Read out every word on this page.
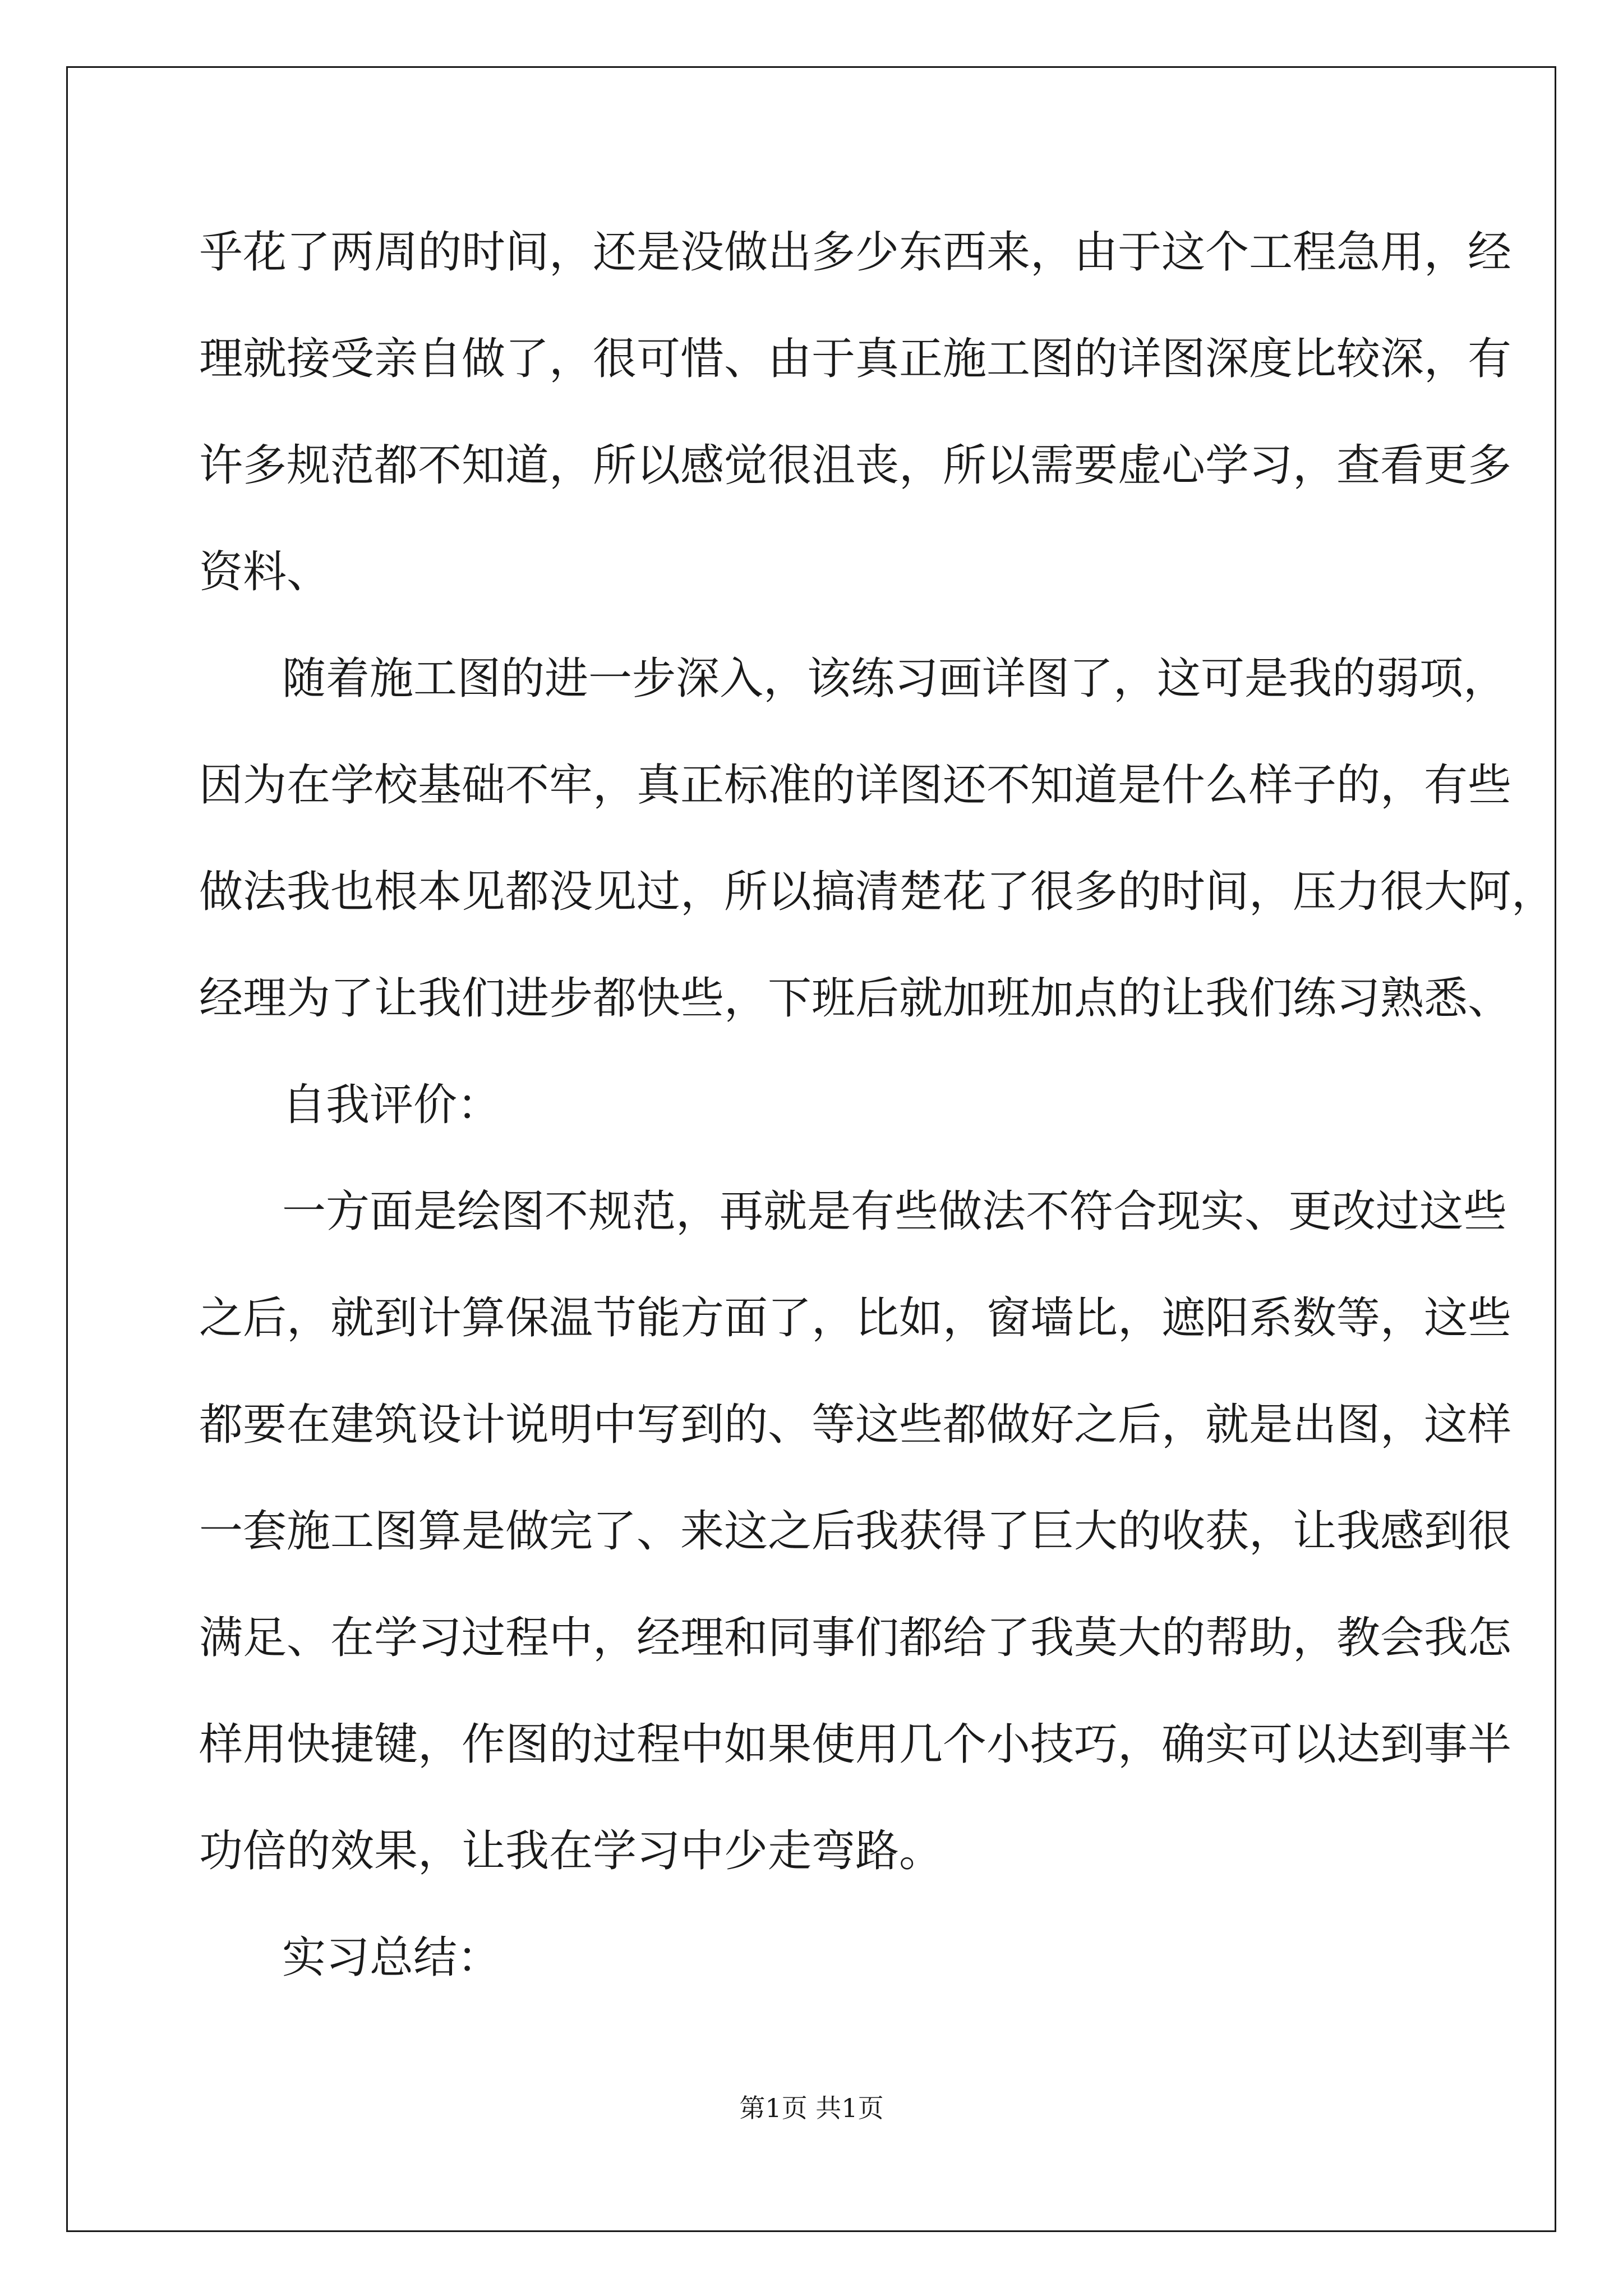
乎花了两周的时间，还是没做出多少东西来，由于这个工程急用，经
理就接受亲自做了，很可惜、由于真正施工图的详图深度比较深，有
许多规范都不知道，所以感觉很沮丧，所以需要虚心学习，查看更多
资料、
随着施工图的进一步深入，该练习画详图了，这可是我的弱项，
因为在学校基础不牢，真正标准的详图还不知道是什么样子的，有些
做法我也根本见都没见过，所以搞清楚花了很多的时间，压力很大阿，
经理为了让我们进步都快些，下班后就加班加点的让我们练习熟悉、
自我评价：
一方面是绘图不规范，再就是有些做法不符合现实、更改过这些
之后，就到计算保温节能方面了，比如，窗墙比，遮阳系数等，这些
都要在建筑设计说明中写到的、等这些都做好之后，就是出图，这样
一套施工图算是做完了、来这之后我获得了巨大的收获，让我感到很
满足、在学习过程中，经理和同事们都给了我莫大的帮助，教会我怎
样用快捷键，作图的过程中如果使用几个小技巧，确实可以达到事半
功倍的效果，让我在学习中少走弯路。
实习总结：
第1页 共1页
